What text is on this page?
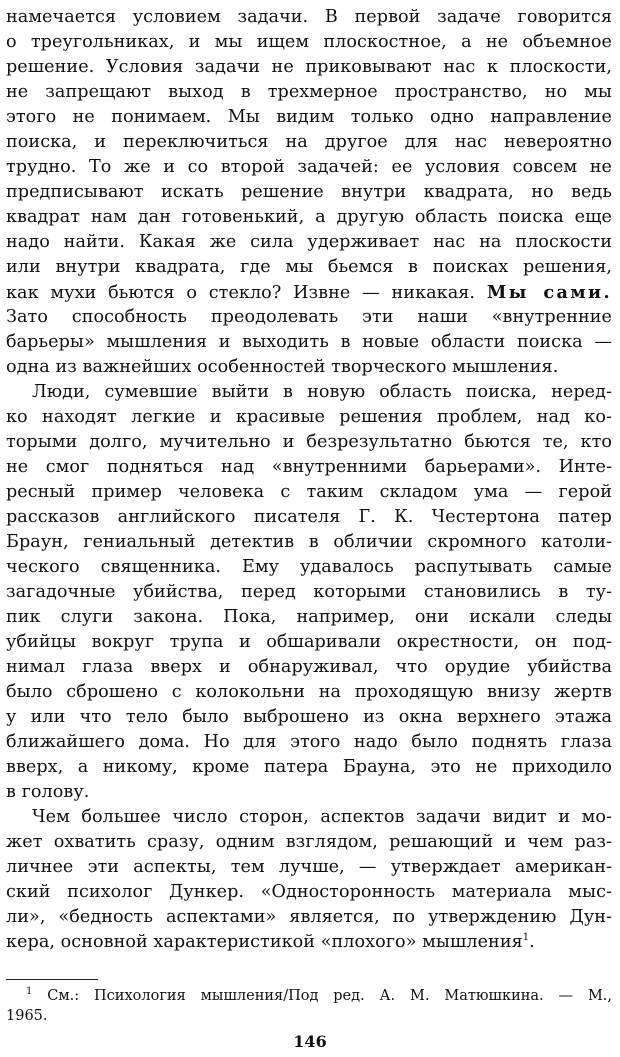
намечается условием задачи. В первой задаче говорится
о треугольниках, и мы ищем плоскостное, а не объемное
решение. Условия задачи не приковывают нас к плоскости,
не запрещают выход в трехмерное пространство, но мы
этого не понимаем. Мы видим только одно направление
поиска, и переключиться на другое для нас невероятно
трудно. То же и со второй задачей: ее условия совсем не
предписывают искать решение внутри квадрата, но ведь
квадрат нам дан готовенький, а другую область поиска еще
надо найти. Какая же сила удерживает нас на плоскости
или внутри квадрата, где мы бьемся в поисках решения,
как мухи бьются о стекло? Извне — никакая. Мы сами.
Зато способность преодолевать эти наши «внутренние
барьеры» мышления и выходить в новые области поиска —
одна из важнейших особенностей творческого мышления.
Люди, сумевшие выйти в новую область поиска, неред-
ко находят легкие и красивые решения проблем, над ко-
торыми долго, мучительно и безрезультатно бьются те, кто
не смог подняться над «внутренними барьерами». Инте-
ресный пример человека с таким складом ума — герой
рассказов английского писателя Г. К. Честертона патер
Браун, гениальный детектив в обличии скромного католи-
ческого священника. Ему удавалось распутывать самые
загадочные убийства, перед которыми становились в ту-
пик слуги закона. Пока, например, они искали следы
убийцы вокруг трупа и обшаривали окрестности, он под-
нимал глаза вверх и обнаруживал, что орудие убийства
было сброшено с колокольни на проходящую внизу жертв
у или что тело было выброшено из окна верхнего этажа
ближайшего дома. Но для этого надо было поднять глаза
вверх, а никому, кроме патера Брауна, это не приходило
в голову.
Чем большее число сторон, аспектов задачи видит и мо-
жет охватить сразу, одним взглядом, решающий и чем раз-
личнее эти аспекты, тем лучше, — утверждает американ-
ский психолог Дункер. «Односторонность материала мыс-
ли», «бедность аспектами» является, по утверждению Дун-
кера, основной характеристикой «плохого» мышления$^1$.
$^1$ См.: Психология мышления/Под ред. А. М. Матюшкина. — М.,
1965.
146
